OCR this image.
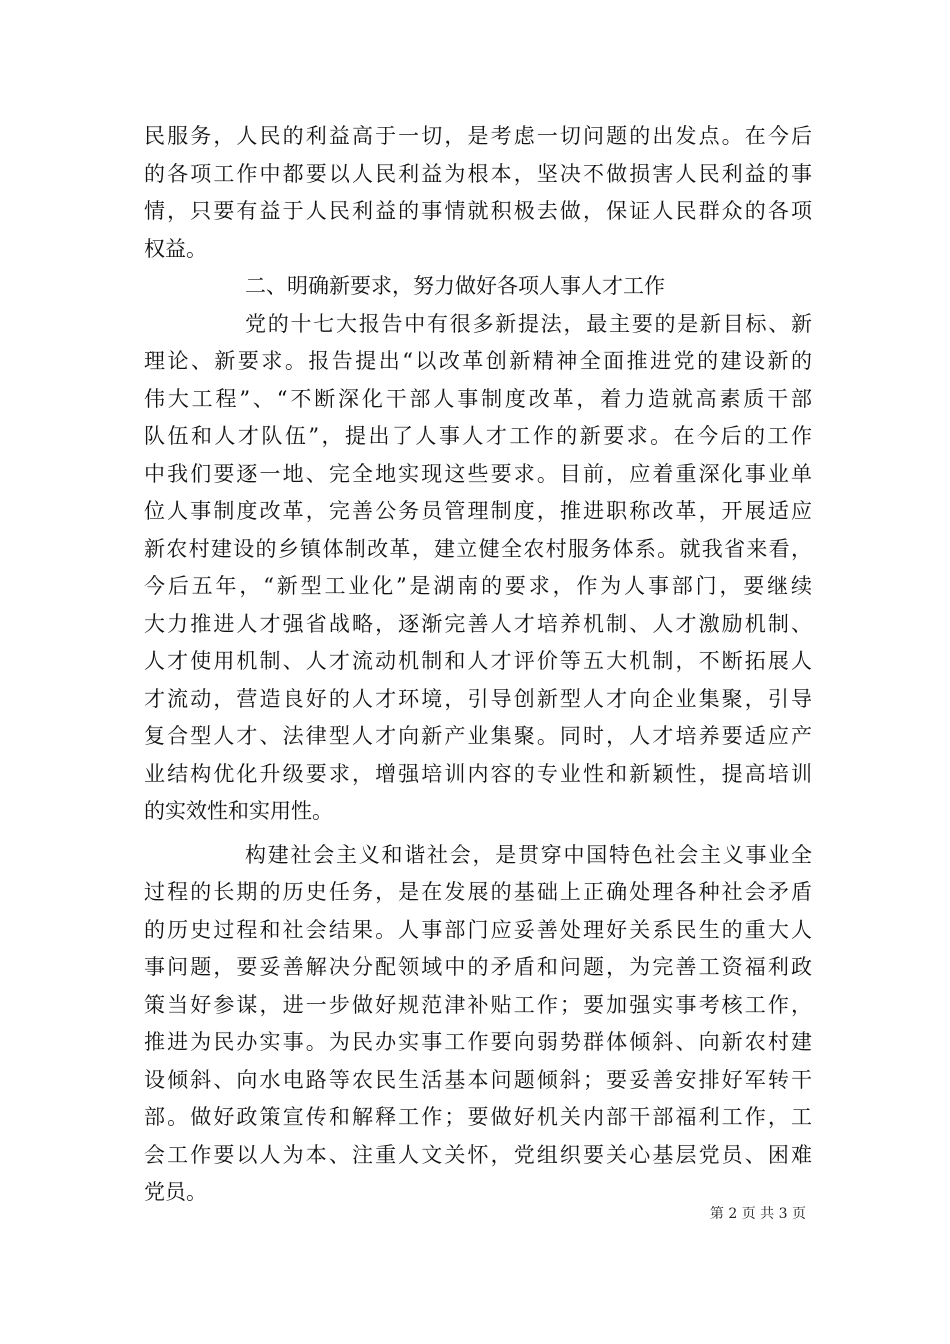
民服务，人民的利益高于一切，是考虑一切问题的出发点。在今后
的各项工作中都要以人民利益为根本，坚决不做损害人民利益的事
情，只要有益于人民利益的事情就积极去做，保证人民群众的各项
权益。
二、明确新要求，努力做好各项人事人才工作
党的十七大报告中有很多新提法，最主要的是新目标、新
理论、新要求。报告提出“以改革创新精神全面推进党的建设新的
伟大工程”、“不断深化干部人事制度改革，着力造就高素质干部
队伍和人才队伍”，提出了人事人才工作的新要求。在今后的工作
中我们要逐一地、完全地实现这些要求。目前，应着重深化事业单
位人事制度改革，完善公务员管理制度，推进职称改革，开展适应
新农村建设的乡镇体制改革，建立健全农村服务体系。就我省来看，
今后五年，“新型工业化”是湖南的要求，作为人事部门，要继续
大力推进人才强省战略，逐渐完善人才培养机制、人才激励机制、
人才使用机制、人才流动机制和人才评价等五大机制，不断拓展人
才流动，营造良好的人才环境，引导创新型人才向企业集聚，引导
复合型人才、法律型人才向新产业集聚。同时，人才培养要适应产
业结构优化升级要求，增强培训内容的专业性和新颖性，提高培训
的实效性和实用性。
构建社会主义和谐社会，是贯穿中国特色社会主义事业全
过程的长期的历史任务，是在发展的基础上正确处理各种社会矛盾
的历史过程和社会结果。人事部门应妥善处理好关系民生的重大人
事问题，要妥善解决分配领域中的矛盾和问题，为完善工资福利政
策当好参谋，进一步做好规范津补贴工作；要加强实事考核工作，
推进为民办实事。为民办实事工作要向弱势群体倾斜、向新农村建
设倾斜、向水电路等农民生活基本问题倾斜；要妥善安排好军转干
部。做好政策宣传和解释工作；要做好机关内部干部福利工作，工
会工作要以人为本、注重人文关怀，党组织要关心基层党员、困难
党员。
第 2 页 共 3 页
